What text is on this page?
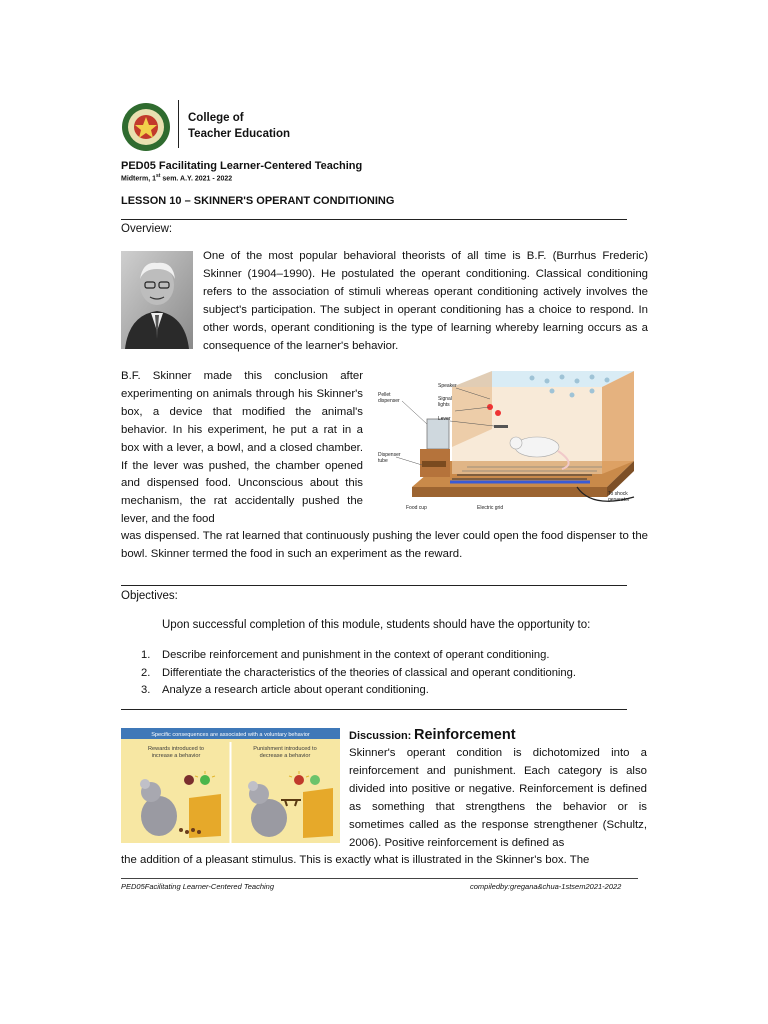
College of
Teacher Education
PED05 Facilitating Learner-Centered Teaching
Midterm, 1st sem. A.Y. 2021 - 2022
LESSON 10 – SKINNER'S OPERANT CONDITIONING
Overview:

One of the most popular behavioral theorists of all time is B.F. (Burrhus Frederic) Skinner (1904–1990). He postulated the operant conditioning. Classical conditioning refers to the association of stimuli whereas operant conditioning actively involves the subject's participation. The subject in operant conditioning has a choice to respond. In other words, operant conditioning is the type of learning whereby learning occurs as a consequence of the learner's behavior.

B.F. Skinner made this conclusion after experimenting on animals through his Skinner's box, a device that modified the animal's behavior. In his experiment, he put a rat in a box with a lever, a bowl, and a closed chamber. If the lever was pushed, the chamber opened and dispensed food. Unconscious about this mechanism, the rat accidentally pushed the lever, and the food

Speaker
Signal
lights
Lever
Pellet
dispenser
Dispenser
tube
Food cup	Electric grid
To shock
generator

was dispensed. The rat learned that continuously pushing the lever could open the food dispenser to the bowl. Skinner termed the food in such an experiment as the reward.

Objectives:
Upon successful completion of this module, students should have the opportunity to:
1. Describe reinforcement and punishment in the context of operant conditioning.
2. Differentiate the characteristics of the theories of classical and operant conditioning.
3. Analyze a research article about operant conditioning.
Specific consequences are associated with a voluntary behavior
Rewards introduced to
increase a behavior
Punishment introduced to
decrease a behavior
Discussion: Reinforcement

Skinner's operant condition is dichotomized into a reinforcement and punishment. Each category is also divided into positive or negative. Reinforcement is defined as something that strengthens the behavior or is sometimes called as the response strengthener (Schultz, 2006). Positive reinforcement is defined as

the addition of a pleasant stimulus. This is exactly what is illustrated in the Skinner's box. The

PED05Facilitating Learner-Centered Teaching	compiledby:gregana&chua-1stsem2021-2022
